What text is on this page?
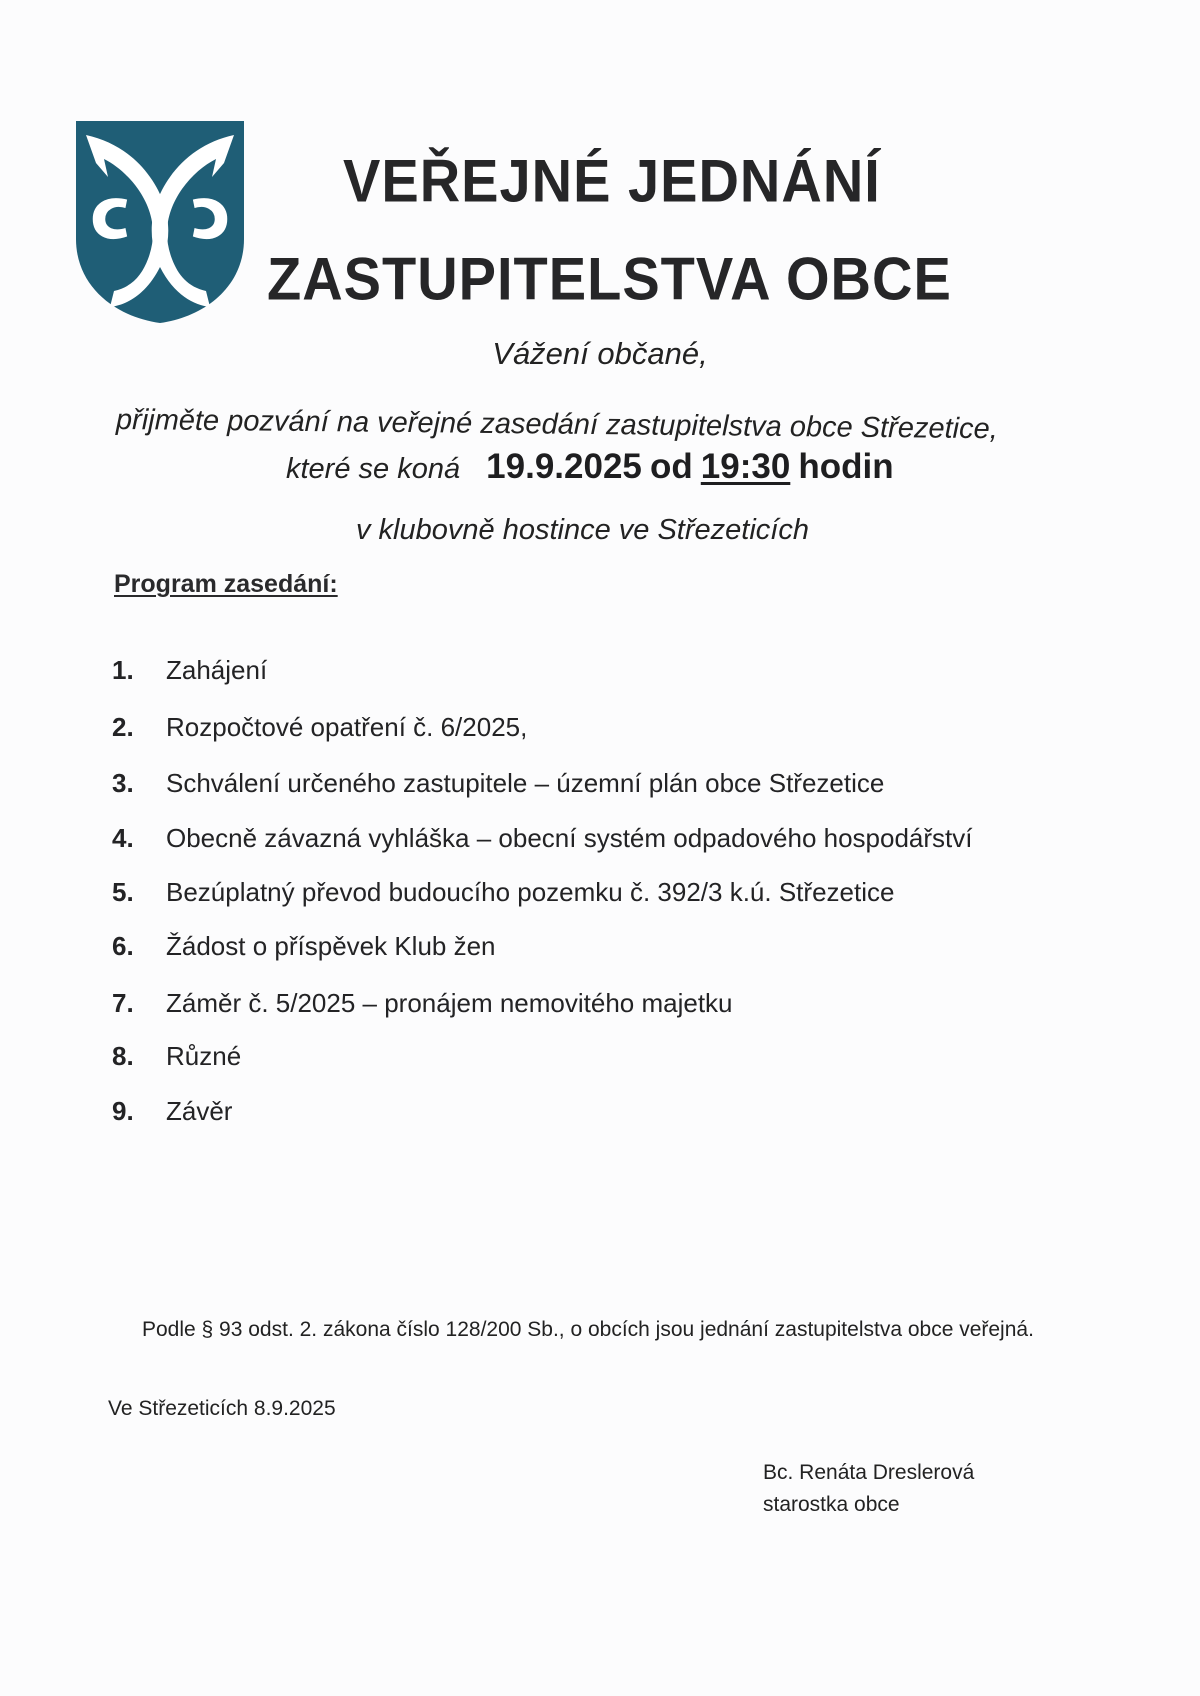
VEŘEJNÉ JEDNÁNÍ
ZASTUPITELSTVA OBCE
Vážení občané,
přijměte pozvání na veřejné zasedání zastupitelstva obce Střezetice,
které se koná 19.9.2025 od 19:30 hodin
v klubovně hostince ve Střezeticích
Program zasedání:
1. Zahájení
2. Rozpočtové opatření č. 6/2025,
3. Schválení určeného zastupitele – územní plán obce Střezetice
4. Obecně závazná vyhláška – obecní systém odpadového hospodářství
5. Bezúplatný převod budoucího pozemku č. 392/3 k.ú. Střezetice
6. Žádost o příspěvek Klub žen
7. Záměr č. 5/2025 – pronájem nemovitého majetku
8. Různé
9. Závěr
Podle § 93 odst. 2. zákona číslo 128/200 Sb., o obcích jsou jednání zastupitelstva obce veřejná.
Ve Střezeticích 8.9.2025
Bc. Renáta Dreslerová
starostka obce
